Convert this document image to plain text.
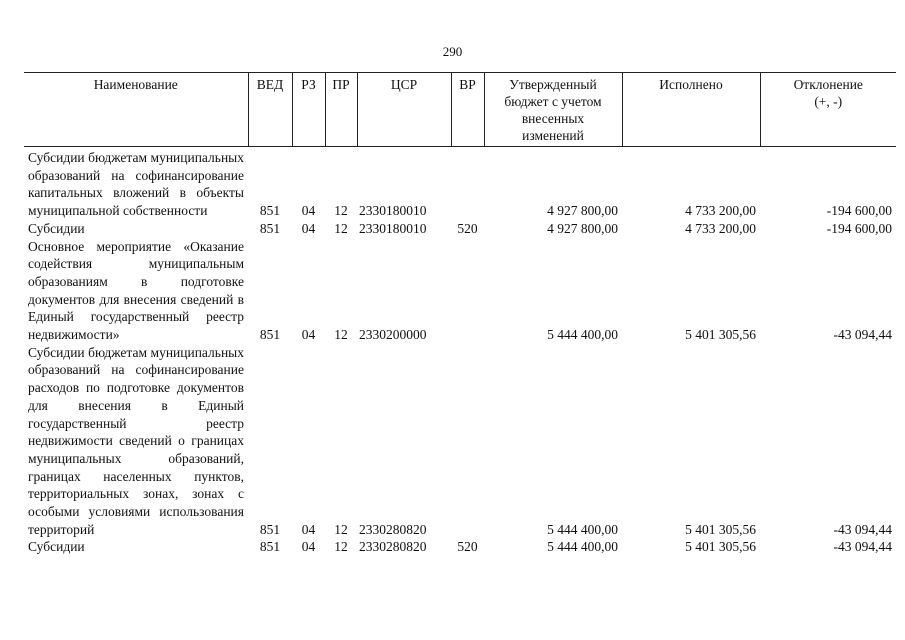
290
Наименование	ВЕД	РЗ	ПР	ЦСР	ВР	Утвержденный бюджет с учетом внесенных изменений	Исполнено	Отклонение (+, -)
Субсидии бюджетам муниципальных образований на софинансирование капитальных вложений в объекты муниципальной собственности	851	04	12	2330180010		4 927 800,00	4 733 200,00	-194 600,00
Субсидии	851	04	12	2330180010	520	4 927 800,00	4 733 200,00	-194 600,00
Основное мероприятие «Оказание содействия муниципальным образованиям в подготовке документов для внесения сведений в Единый государственный реестр недвижимости»	851	04	12	2330200000		5 444 400,00	5 401 305,56	-43 094,44
Субсидии бюджетам муниципальных образований на софинансирование расходов по подготовке документов для внесения в Единый государственный реестр недвижимости сведений о границах муниципальных образований, границах населенных пунктов, территориальных зонах, зонах с особыми условиями использования территорий	851	04	12	2330280820		5 444 400,00	5 401 305,56	-43 094,44
Субсидии	851	04	12	2330280820	520	5 444 400,00	5 401 305,56	-43 094,44
